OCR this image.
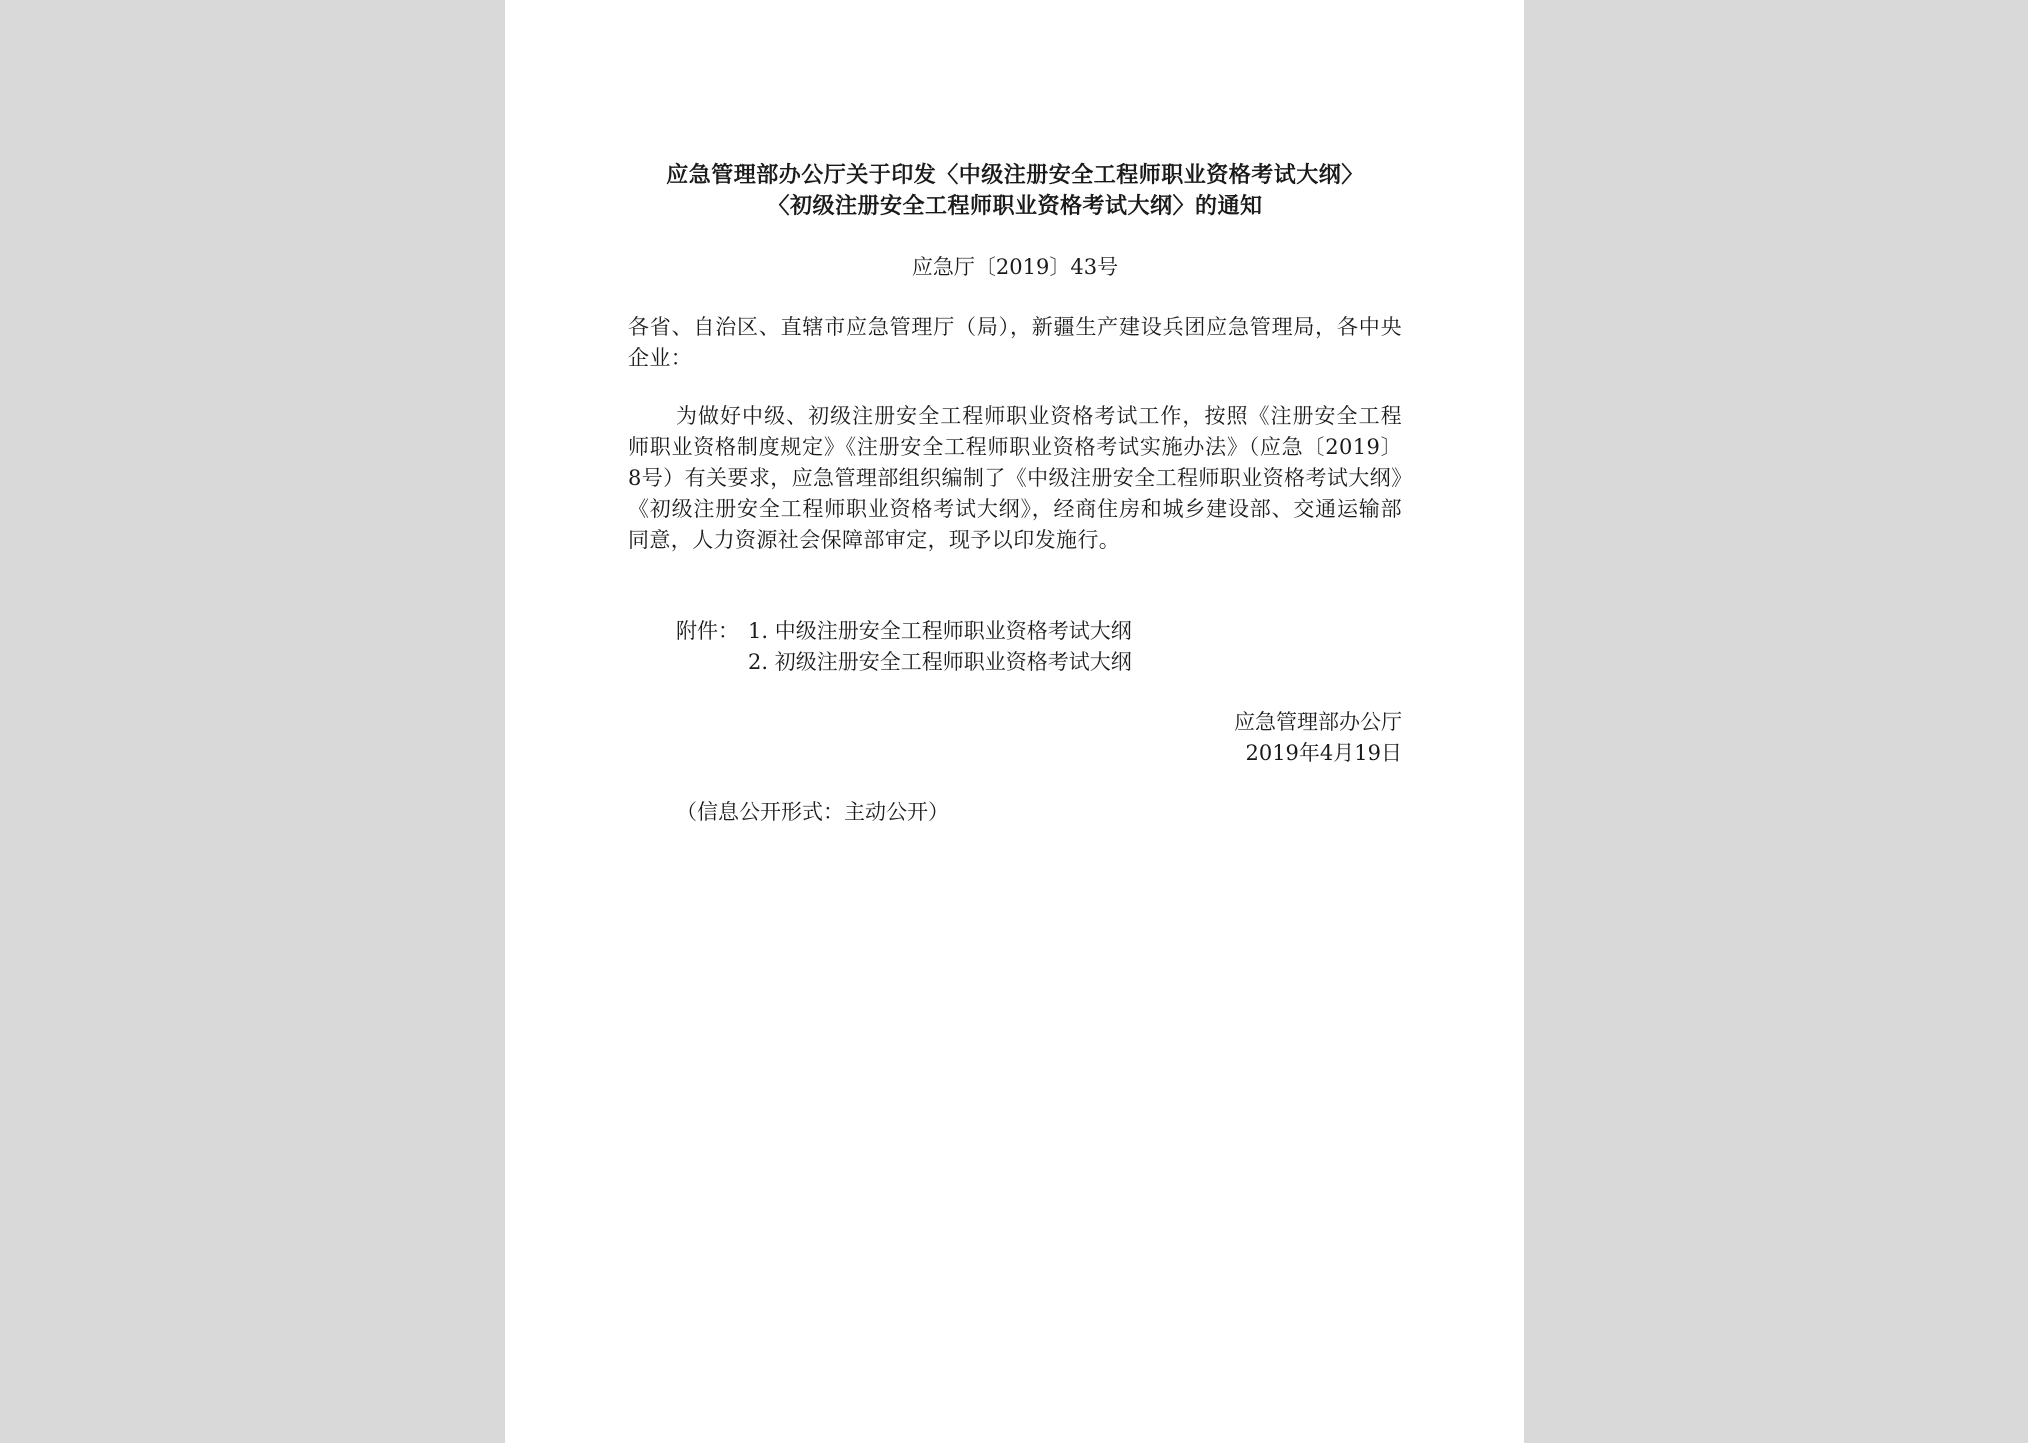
应急管理部办公厅关于印发〈中级注册安全工程师职业资格考试大纲〉
〈初级注册安全工程师职业资格考试大纲〉的通知
应急厅〔2019〕43号
各省、自治区、直辖市应急管理厅（局），新疆生产建设兵团应急管理局，各中央企业：
为做好中级、初级注册安全工程师职业资格考试工作，按照《注册安全工程师职业资格制度规定》《注册安全工程师职业资格考试实施办法》（应急〔2019〕8号）有关要求，应急管理部组织编制了《中级注册安全工程师职业资格考试大纲》《初级注册安全工程师职业资格考试大纲》，经商住房和城乡建设部、交通运输部同意，人力资源社会保障部审定，现予以印发施行。
附件： 1. 中级注册安全工程师职业资格考试大纲
2. 初级注册安全工程师职业资格考试大纲
应急管理部办公厅
2019年4月19日
（信息公开形式：主动公开）
